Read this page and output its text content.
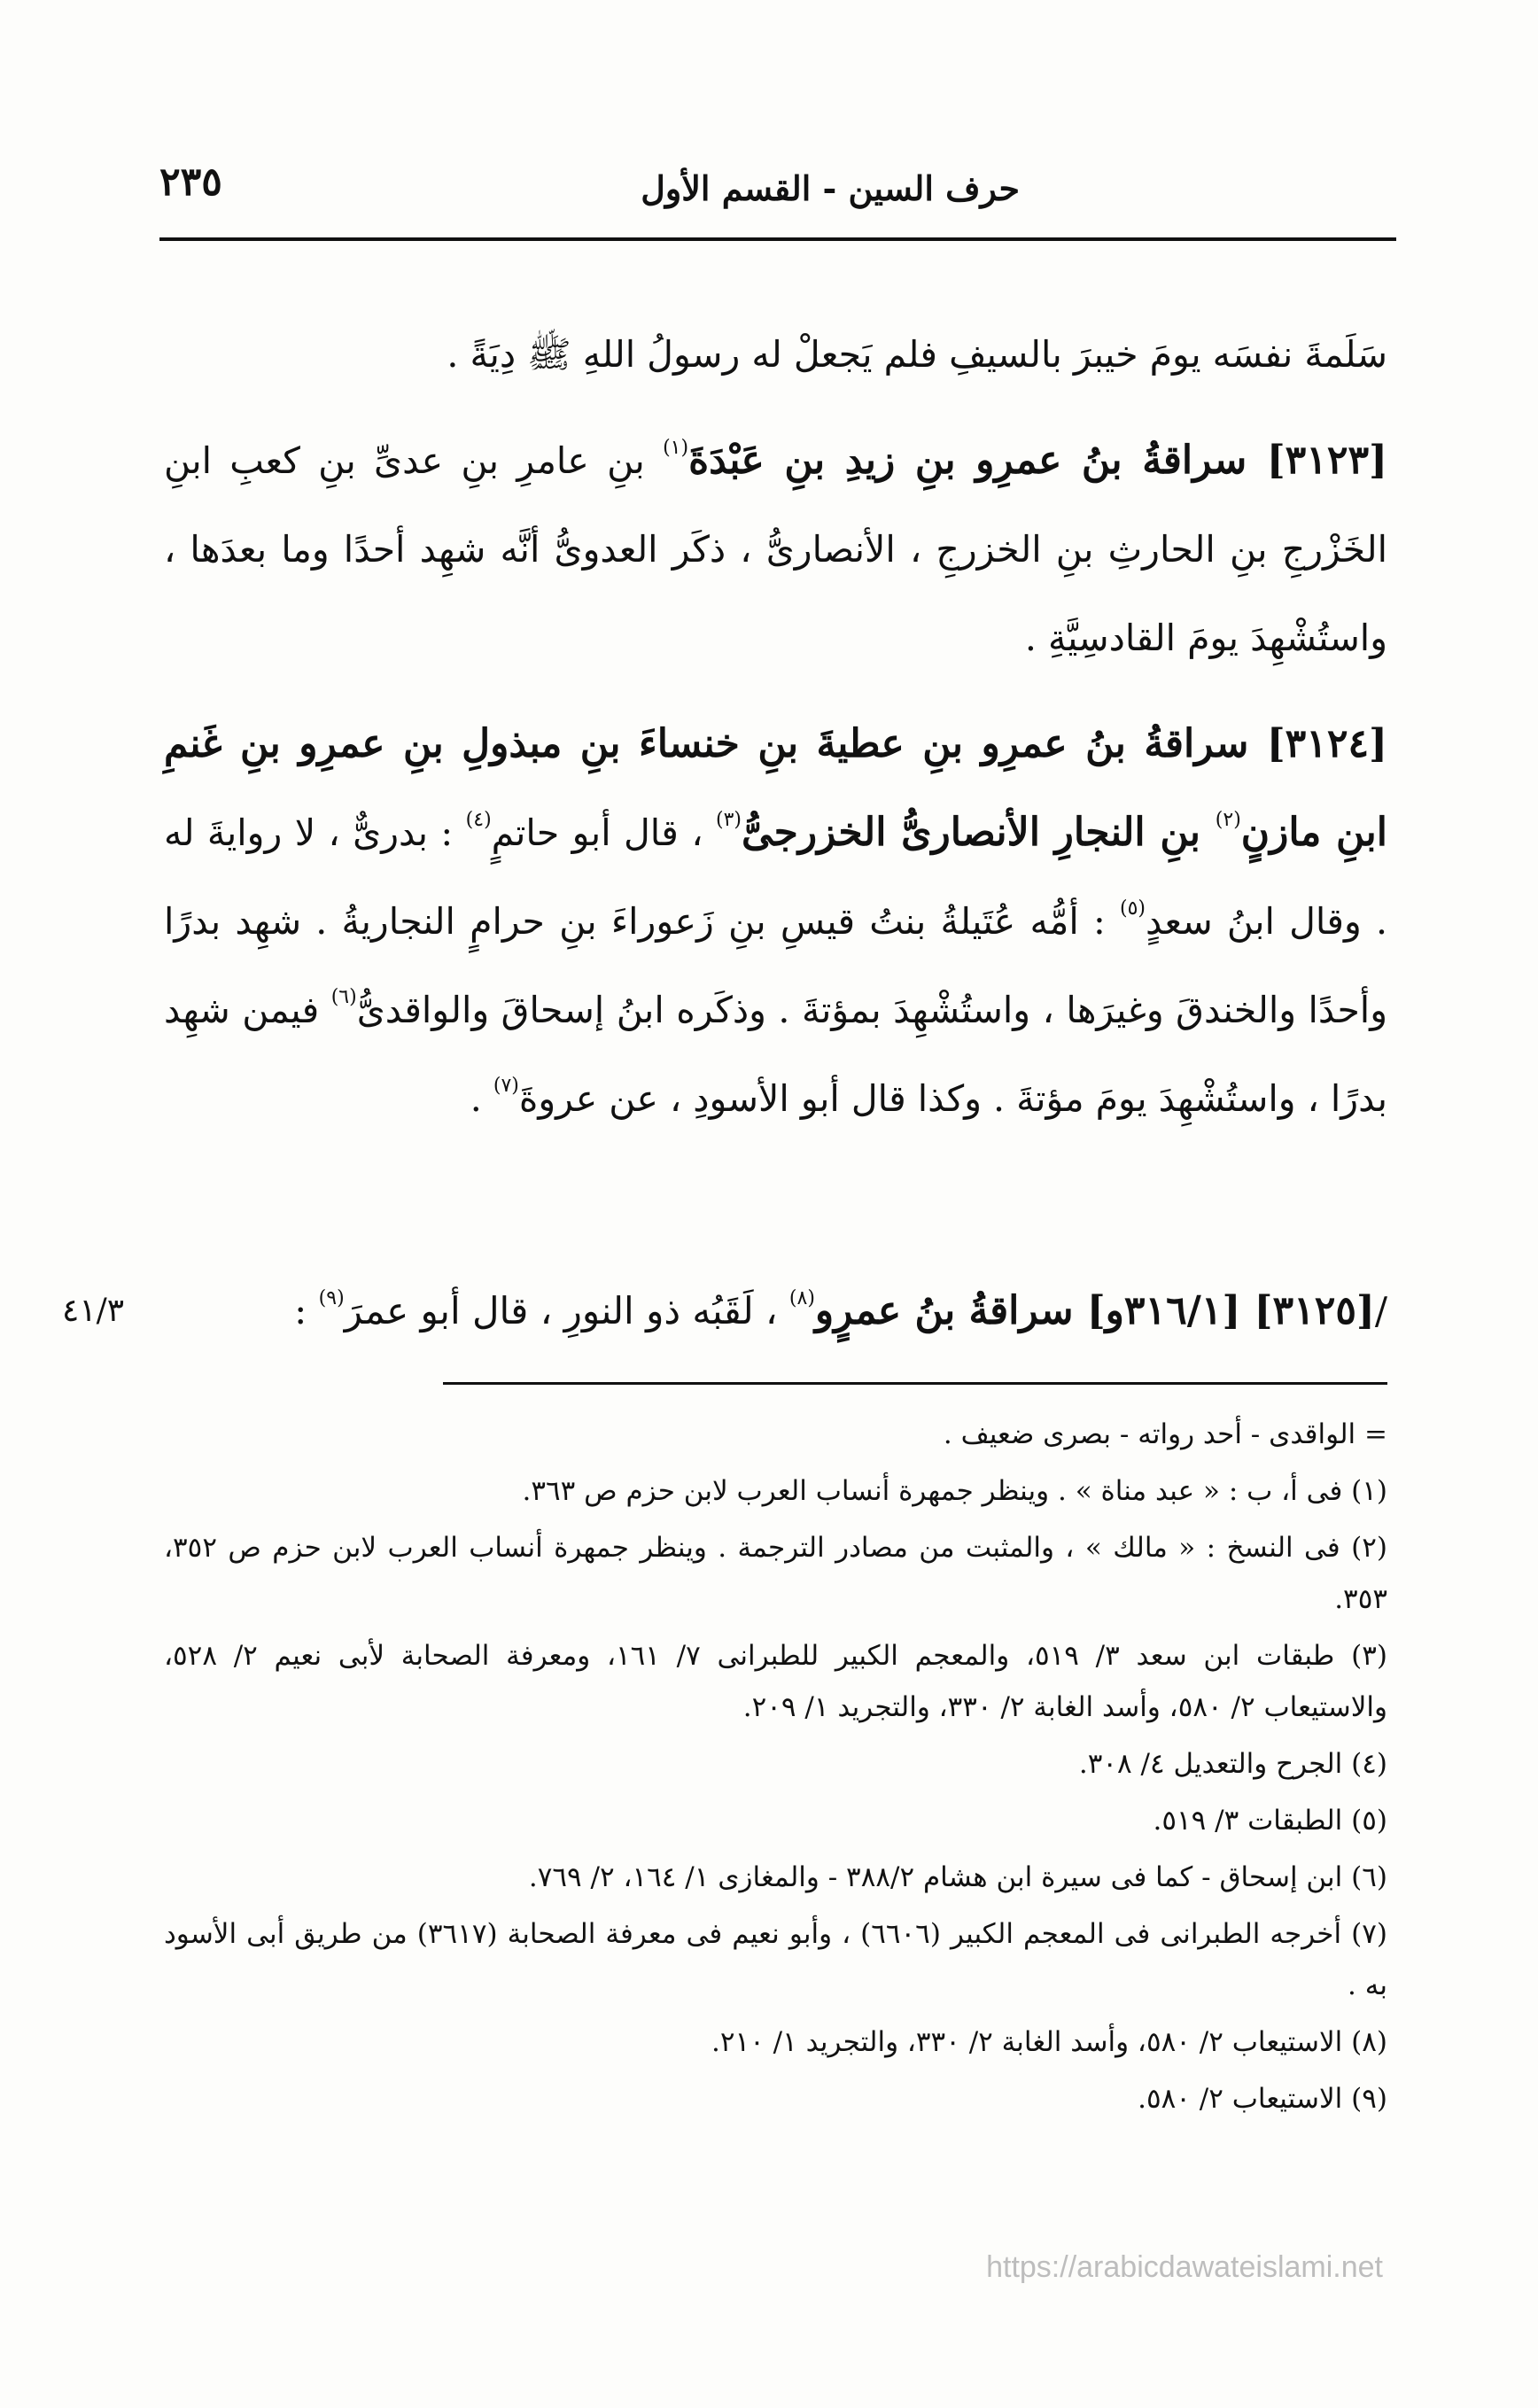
حرف السين - القسم الأول
٢٣٥

سَلَمةَ نفسَه يومَ خيبرَ بالسيفِ فلم يَجعلْ له رسولُ اللهِ ﷺ دِيَةً .

[٣١٢٣] سراقةُ بنُ عمرِو بنِ زيدِ بنِ عَبْدَةَ$^{(١)}$ بنِ عامرِ بنِ عدىِّ بنِ كعبِ ابنِ الخَزْرجِ بنِ الحارثِ بنِ الخزرجِ ، الأنصارىُّ ، ذكَر العدوىُّ أنَّه شهِد أحدًا وما بعدَها ، واستُشْهِدَ يومَ القادسِيَّةِ .

[٣١٢٤] سراقةُ بنُ عمرِو بنِ عطيةَ بنِ خنساءَ بنِ مبذولِ بنِ عمرِو بنِ غَنمِ ابنِ مازنٍ$^{(٢)}$ بنِ النجارِ الأنصارىُّ الخزرجىُّ$^{(٣)}$ ، قال أبو حاتمٍ$^{(٤)}$ : بدرىٌّ ، لا روايةَ له . وقال ابنُ سعدٍ$^{(٥)}$ : أمُّه عُتَيلةُ بنتُ قيسِ بنِ زَعوراءَ بنِ حرامٍ النجاريةُ . شهِد بدرًا وأحدًا والخندقَ وغيرَها ، واستُشْهِدَ بمؤتةَ . وذكَره ابنُ إسحاقَ والواقدىُّ$^{(٦)}$ فيمن شهِد بدرًا ، واستُشْهِدَ يومَ مؤتةَ . وكذا قال أبو الأسودِ ، عن عروةَ$^{(٧)}$ .

/[٣١٢٥] [٣١٦/١و] سراقةُ بنُ عمرٍو$^{(٨)}$ ، لَقَبُه ذو النورِ ، قال أبو عمرَ$^{(٩)}$ :
٤١/٣

= الواقدى - أحد رواته - بصرى ضعيف .

(١) فى أ، ب : « عبد مناة » . وينظر جمهرة أنساب العرب لابن حزم ص ٣٦٣.

(٢) فى النسخ : « مالك » ، والمثبت من مصادر الترجمة . وينظر جمهرة أنساب العرب لابن حزم ص ٣٥٢، ٣٥٣.

(٣) طبقات ابن سعد ٣/ ٥١٩، والمعجم الكبير للطبرانى ٧/ ١٦١، ومعرفة الصحابة لأبى نعيم ٢/ ٥٢٨، والاستيعاب ٢/ ٥٨٠، وأسد الغابة ٢/ ٣٣٠، والتجريد ١/ ٢٠٩.

(٤) الجرح والتعديل ٤/ ٣٠٨.

(٥) الطبقات ٣/ ٥١٩.

(٦) ابن إسحاق - كما فى سيرة ابن هشام ٣٨٨/٢ - والمغازى ١/ ١٦٤، ٢/ ٧٦٩.

(٧) أخرجه الطبرانى فى المعجم الكبير (٦٦٠٦) ، وأبو نعيم فى معرفة الصحابة (٣٦١٧) من طريق أبى الأسود به .

(٨) الاستيعاب ٢/ ٥٨٠، وأسد الغابة ٢/ ٣٣٠، والتجريد ١/ ٢١٠.

(٩) الاستيعاب ٢/ ٥٨٠.

https://arabicdawateislami.net
